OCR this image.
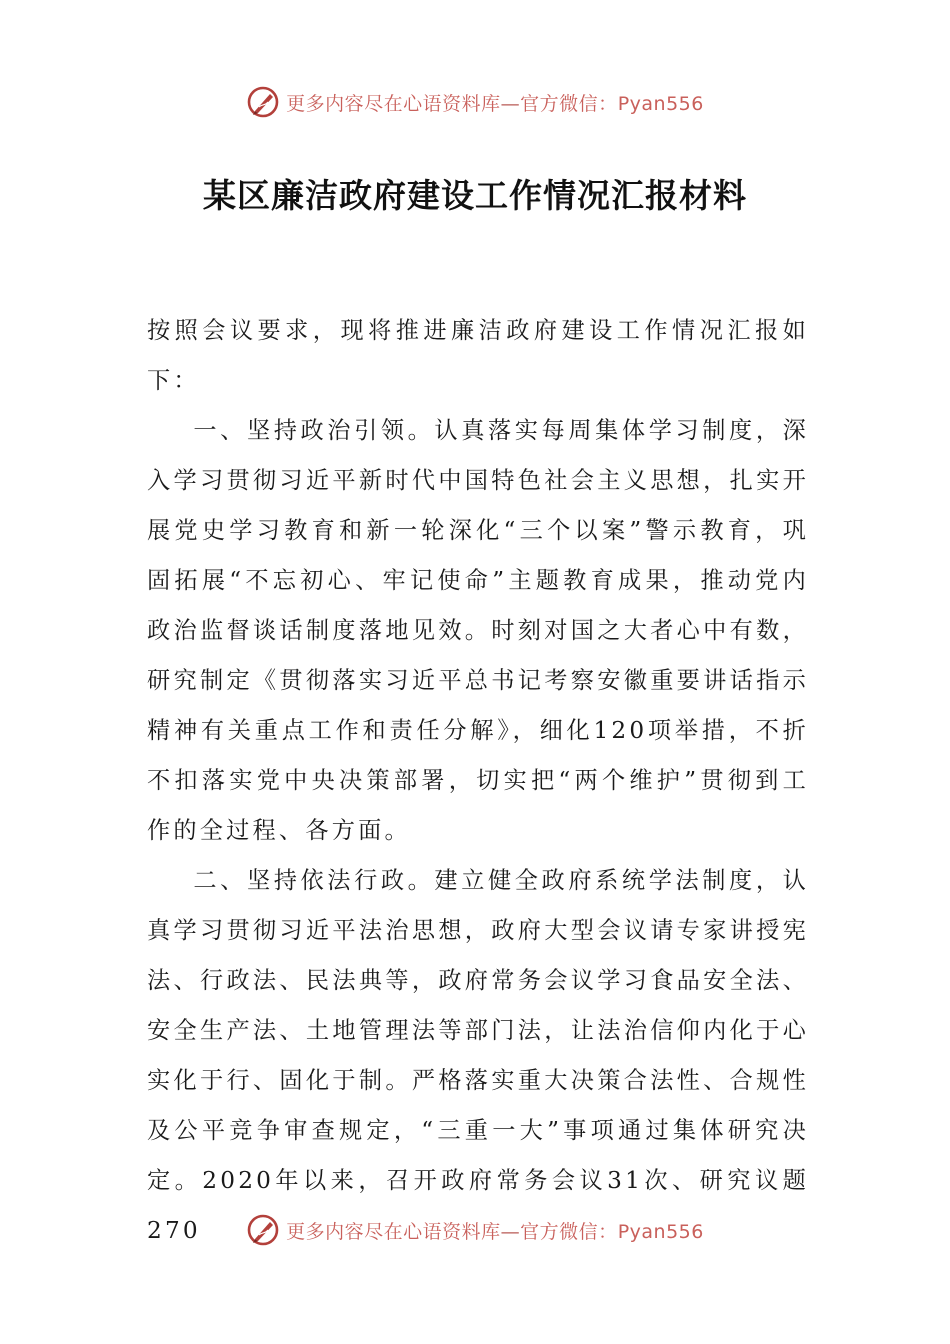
更多内容尽在心语资料库—官方微信：Pyan556
某区廉洁政府建设工作情况汇报材料

按照会议要求，现将推进廉洁政府建设工作情况汇报如下：

一、坚持政治引领。认真落实每周集体学习制度，深入学习贯彻习近平新时代中国特色社会主义思想，扎实开展党史学习教育和新一轮深化“三个以案”警示教育，巩固拓展“不忘初心、牢记使命”主题教育成果，推动党内政治监督谈话制度落地见效。时刻对国之大者心中有数，研究制定《贯彻落实习近平总书记考察安徽重要讲话指示精神有关重点工作和责任分解》，细化120项举措，不折不扣落实党中央决策部署，切实把“两个维护”贯彻到工作的全过程、各方面。

二、坚持依法行政。建立健全政府系统学法制度，认真学习贯彻习近平法治思想，政府大型会议请专家讲授宪法、行政法、民法典等，政府常务会议学习食品安全法、安全生产法、土地管理法等部门法，让法治信仰内化于心实化于行、固化于制。严格落实重大决策合法性、合规性及公平竞争审查规定，“三重一大”事项通过集体研究决定。2020年以来，召开政府常务会议31次、研究议题270	更多内容尽在心语资料库—官方微信：Pyan556
